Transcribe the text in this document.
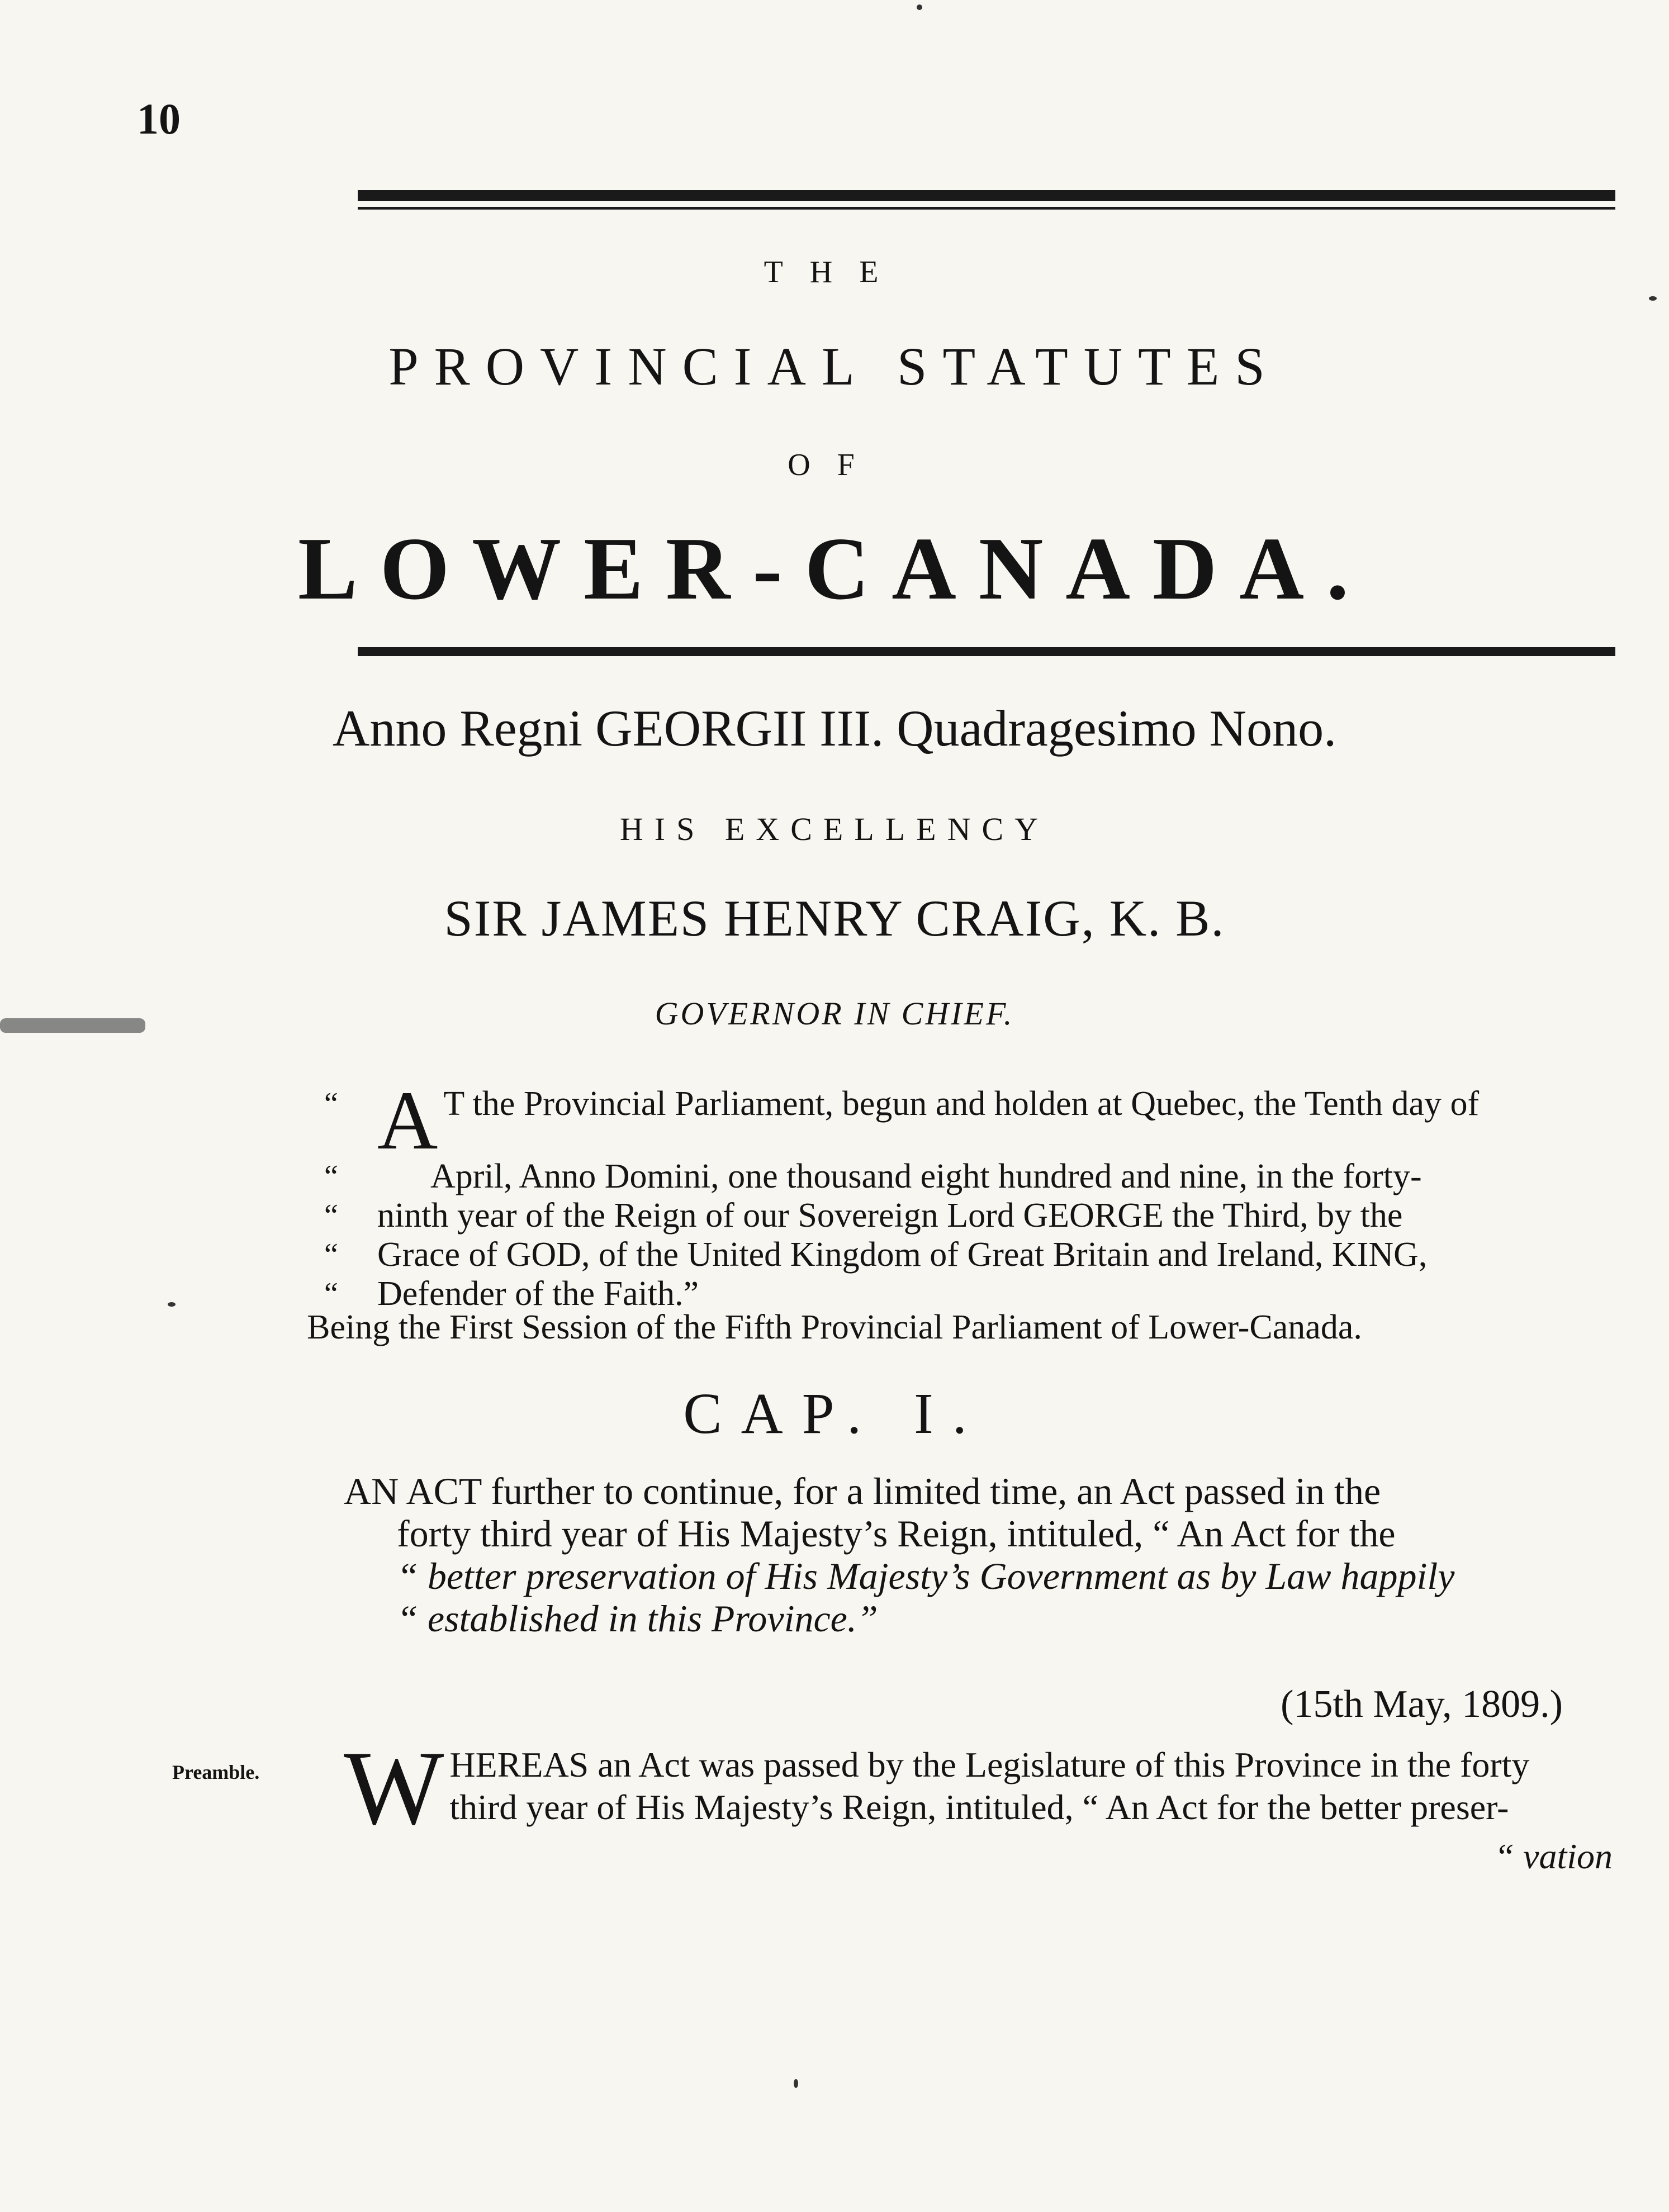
10
THE
PROVINCIAL STATUTES
OF
LOWER-CANADA.
Anno Regni GEORGII III. Quadragesimo Nono.
HIS EXCELLENCY
SIR JAMES HENRY CRAIG, K. B.
GOVERNOR IN CHIEF.
“ A T the Provincial Parliament, begun and holden at Quebec, the Tenth day of
“	April, Anno Domini, one thousand eight hundred and nine, in the forty-
“	ninth year of the Reign of our Sovereign Lord GEORGE the Third, by the
“	Grace of GOD, of the United Kingdom of Great Britain and Ireland, KING,
“	Defender of the Faith.”
Being the First Session of the Fifth Provincial Parliament of Lower-Canada.
CAP. I.
AN ACT further to continue, for a limited time, an Act passed in the
forty third year of His Majesty’s Reign, intituled, “ An Act for the
“ better preservation of His Majesty’s Government as by Law happily
“ established in this Province.”
(15th May, 1809.)
Preamble. W HEREAS an Act was passed by the Legislature of this Province in the forty
third year of His Majesty’s Reign, intituled, “ An Act for the better preser-
“ vation
